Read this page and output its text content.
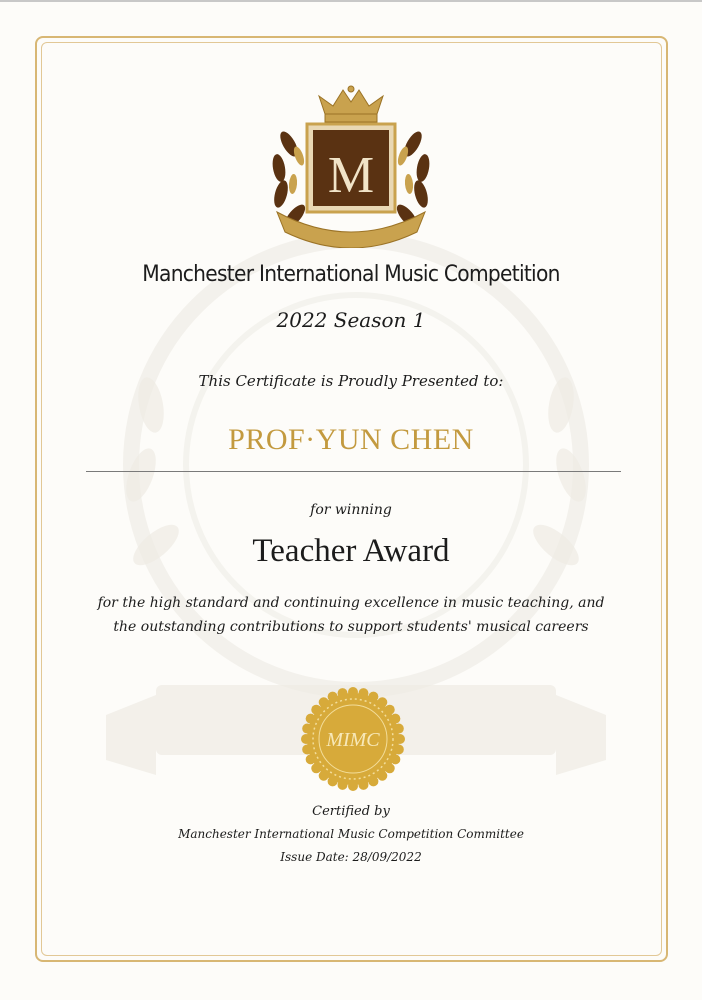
M
Manchester International Music Competition
2022 Season 1
This Certificate is Proudly Presented to:
PROF·YUN CHEN
for winning
Teacher Award
for the high standard and continuing excellence in music teaching, and
the outstanding contributions to support students' musical careers
MIMC
Certified by
Manchester International Music Competition Committee
Issue Date: 28/09/2022
